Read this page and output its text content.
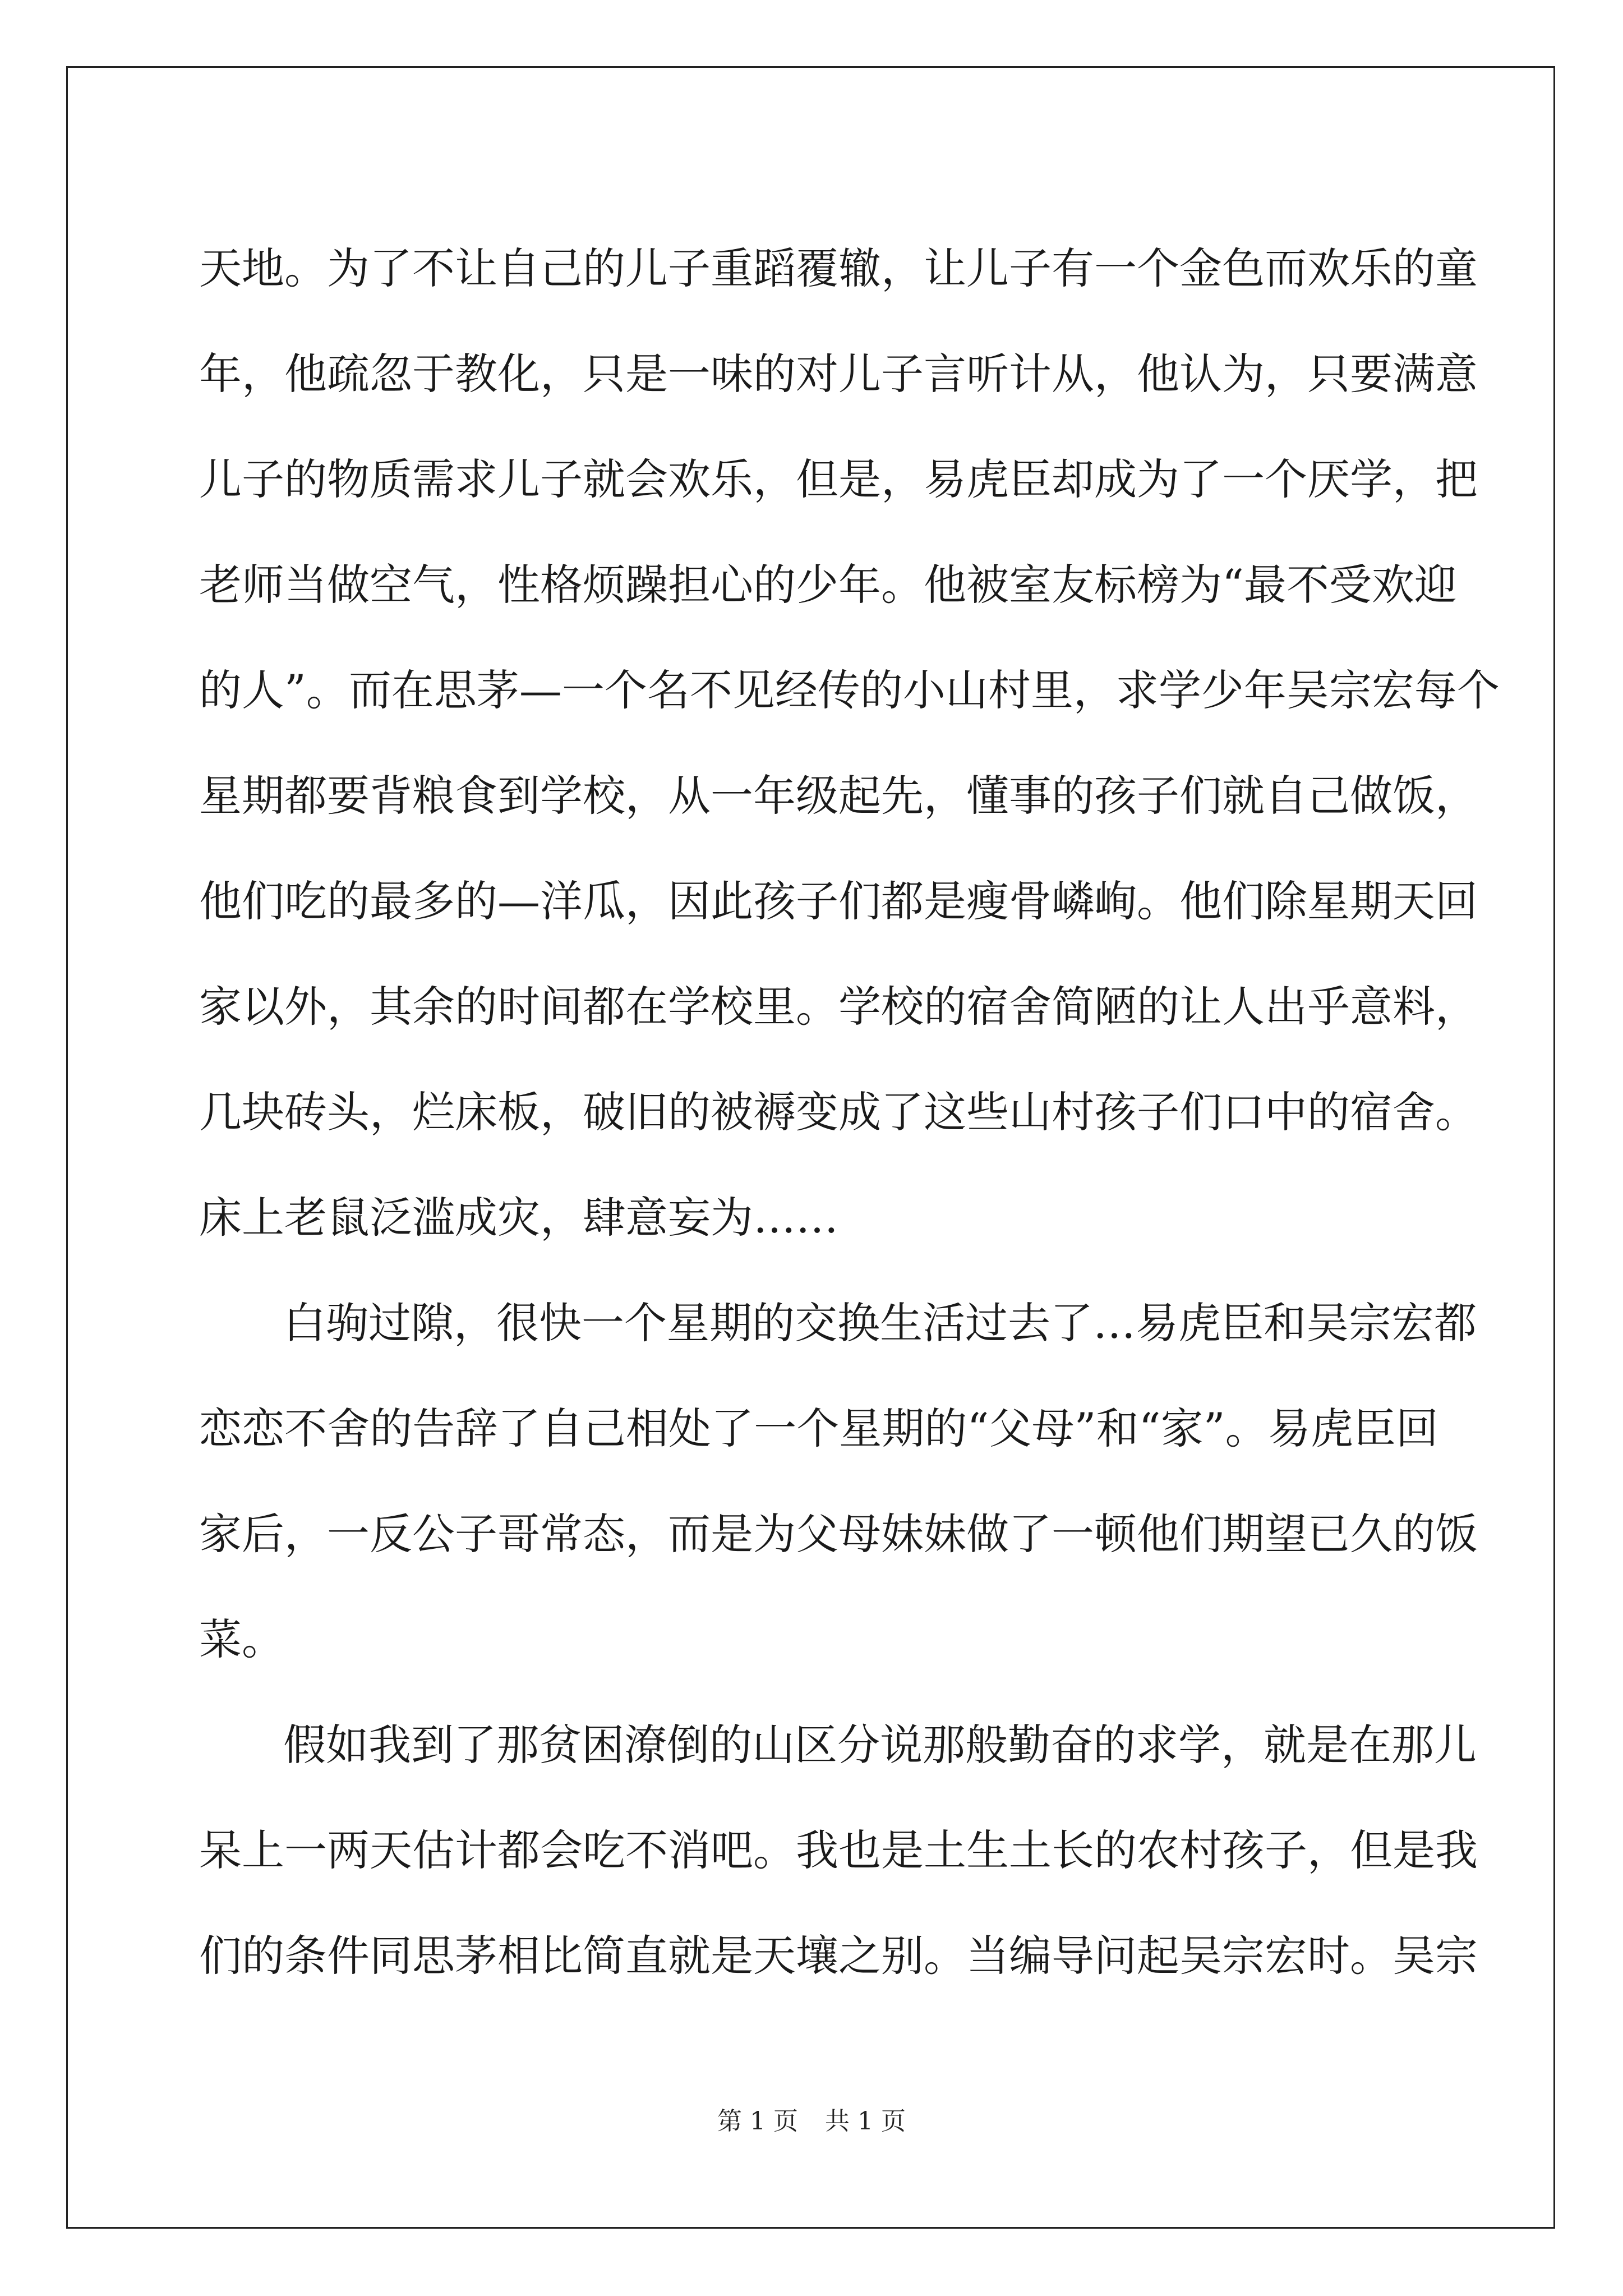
天地。为了不让自己的儿子重蹈覆辙，让儿子有一个金色而欢乐的童
年，他疏忽于教化，只是一味的对儿子言听计从，他认为，只要满意
儿子的物质需求儿子就会欢乐，但是，易虎臣却成为了一个厌学，把
老师当做空气，性格烦躁担心的少年。他被室友标榜为“最不受欢迎
的人”。而在思茅—一个名不见经传的小山村里，求学少年吴宗宏每个
星期都要背粮食到学校，从一年级起先，懂事的孩子们就自己做饭，
他们吃的最多的—洋瓜，因此孩子们都是瘦骨嶙峋。他们除星期天回
家以外，其余的时间都在学校里。学校的宿舍简陋的让人出乎意料，
几块砖头，烂床板，破旧的被褥变成了这些山村孩子们口中的宿舍。
床上老鼠泛滥成灾，肆意妄为……
白驹过隙，很快一个星期的交换生活过去了…易虎臣和吴宗宏都
恋恋不舍的告辞了自己相处了一个星期的“父母”和“家”。易虎臣回
家后，一反公子哥常态，而是为父母妹妹做了一顿他们期望已久的饭
菜。
假如我到了那贫困潦倒的山区分说那般勤奋的求学，就是在那儿
呆上一两天估计都会吃不消吧。我也是土生土长的农村孩子，但是我
们的条件同思茅相比简直就是天壤之别。当编导问起吴宗宏时。吴宗
第 1 页 共 1 页
